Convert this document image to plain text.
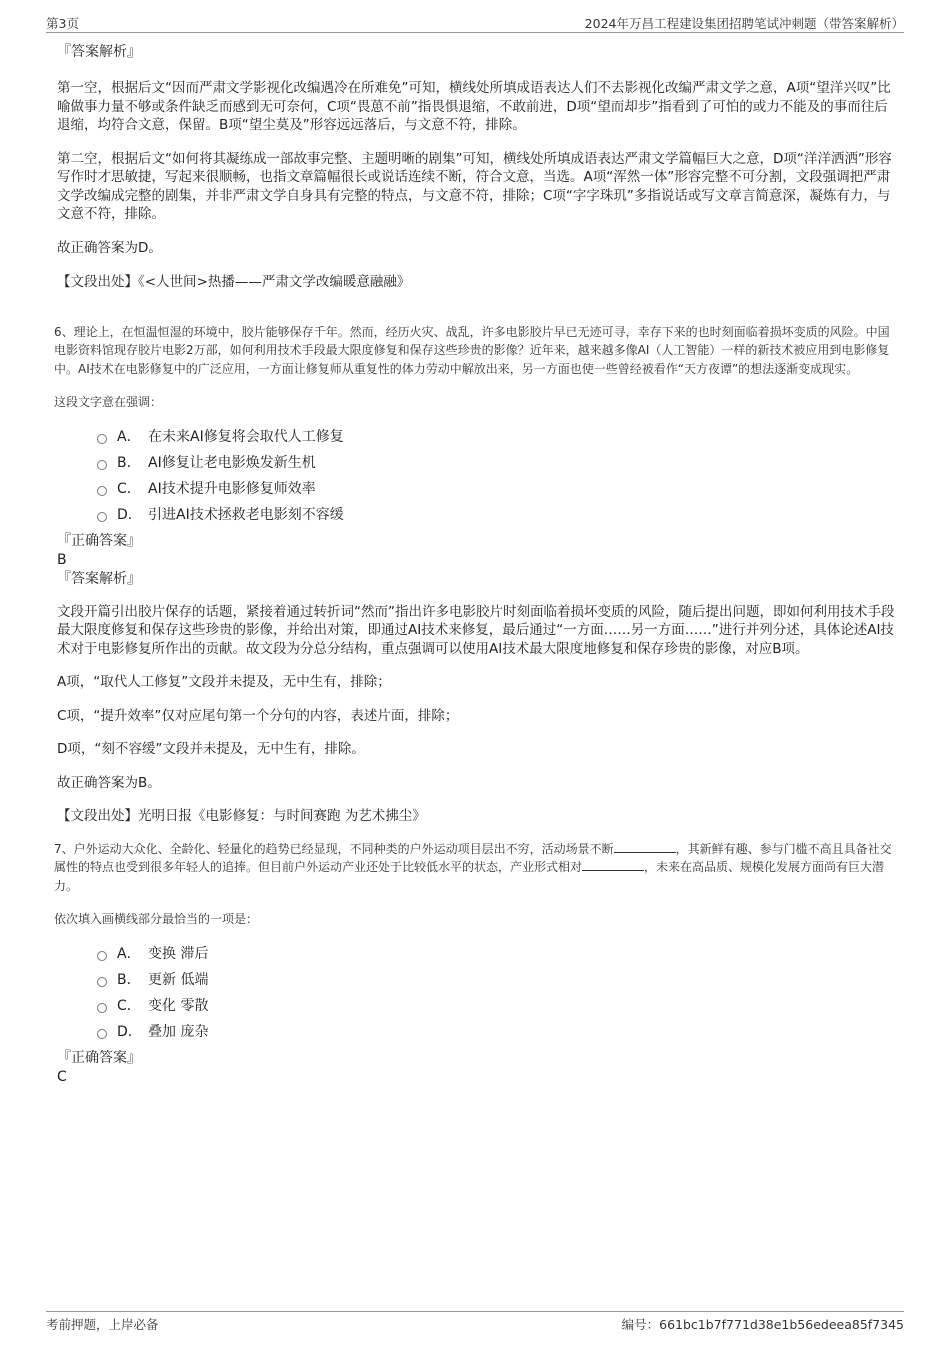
第3页	2024年万昌工程建设集团招聘笔试冲刺题（带答案解析）
『答案解析』
第一空，根据后文“因而严肃文学影视化改编遇冷在所难免”可知，横线处所填成语表达人们不去影视化改编严肃文学之意，A项“望洋兴叹”比喻做事力量不够或条件缺乏而感到无可奈何，C项“畏葸不前”指畏惧退缩，不敢前进，D项“望而却步”指看到了可怕的或力不能及的事而往后退缩，均符合文意，保留。B项“望尘莫及”形容远远落后，与文意不符，排除。
第二空，根据后文“如何将其凝练成一部故事完整、主题明晰的剧集”可知，横线处所填成语表达严肃文学篇幅巨大之意，D项“洋洋洒洒”形容写作时才思敏捷，写起来很顺畅，也指文章篇幅很长或说话连续不断，符合文意，当选。A项“浑然一体”形容完整不可分割，文段强调把严肃文学改编成完整的剧集，并非严肃文学自身具有完整的特点，与文意不符，排除；C项“字字珠玑”多指说话或写文章言简意深，凝炼有力，与文意不符，排除。
故正确答案为D。
【文段出处】《<人世间>热播——严肃文学改编暖意融融》
6、理论上，在恒温恒湿的环境中，胶片能够保存千年。然而，经历火灾、战乱，许多电影胶片早已无迹可寻，幸存下来的也时刻面临着损坏变质的风险。中国电影资料馆现存胶片电影2万部，如何利用技术手段最大限度修复和保存这些珍贵的影像？近年来，越来越多像AI（人工智能）一样的新技术被应用到电影修复中。AI技术在电影修复中的广泛应用，一方面让修复师从重复性的体力劳动中解放出来，另一方面也使一些曾经被看作“天方夜谭”的想法逐渐变成现实。
这段文字意在强调：
A． 在未来AI修复将会取代人工修复
B． AI修复让老电影焕发新生机
C． AI技术提升电影修复师效率
D． 引进AI技术拯救老电影刻不容缓
『正确答案』
B
『答案解析』
文段开篇引出胶片保存的话题，紧接着通过转折词“然而”指出许多电影胶片时刻面临着损坏变质的风险，随后提出问题，即如何利用技术手段最大限度修复和保存这些珍贵的影像，并给出对策，即通过AI技术来修复，最后通过“一方面……另一方面……”进行并列分述，具体论述AI技术对于电影修复所作出的贡献。故文段为分总分结构，重点强调可以使用AI技术最大限度地修复和保存珍贵的影像，对应B项。
A项，“取代人工修复”文段并未提及，无中生有，排除；
C项，“提升效率”仅对应尾句第一个分句的内容，表述片面，排除；
D项，“刻不容缓”文段并未提及，无中生有，排除。
故正确答案为B。
【文段出处】光明日报《电影修复：与时间赛跑 为艺术拂尘》
7、户外运动大众化、全龄化、轻量化的趋势已经显现，不同种类的户外运动项目层出不穷，活动场景不断	，其新鲜有趣、参与门槛不高且具备社交属性的特点也受到很多年轻人的追捧。但目前户外运动产业还处于比较低水平的状态，产业形式相对	，未来在高品质、规模化发展方面尚有巨大潜力。
依次填入画横线部分最恰当的一项是：
A． 变换 滞后
B． 更新 低端
C． 变化 零散
D． 叠加 庞杂
『正确答案』
C
考前押题，上岸必备	编号：661bc1b7f771d38e1b56edeea85f7345
